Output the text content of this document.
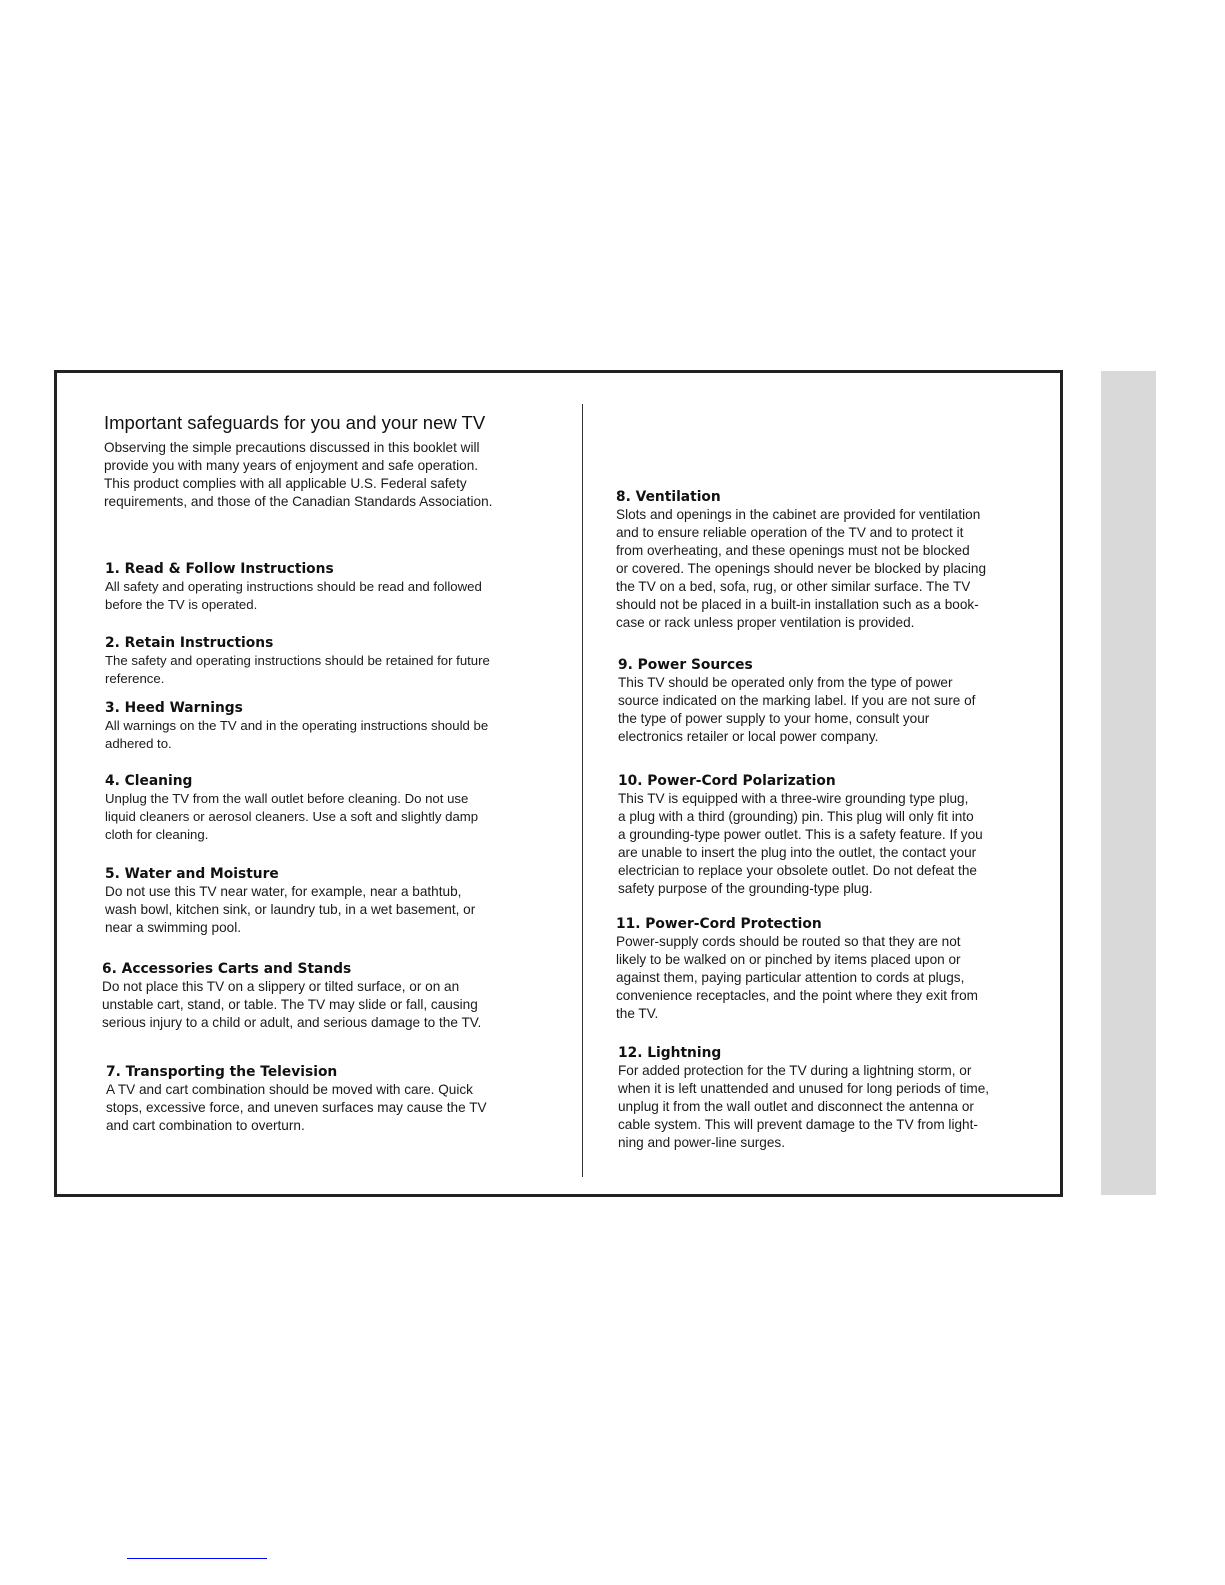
Important safeguards for you and your new TV

Observing the simple precautions discussed in this booklet will

provide you with many years of enjoyment and safe operation.

This product complies with all applicable U.S. Federal safety

requirements, and those of the Canadian Standards Association.

1. Read & Follow Instructions

All safety and operating instructions should be read and followed

before the TV is operated.

2. Retain Instructions

The safety and operating instructions should be retained for future

reference.

3. Heed Warnings

All warnings on the TV and in the operating instructions should be

adhered to.

4. Cleaning

Unplug the TV from the wall outlet before cleaning. Do not use

liquid cleaners or aerosol cleaners. Use a soft and slightly damp

cloth for cleaning.

5. Water and Moisture

Do not use this TV near water, for example, near a bathtub,

wash bowl, kitchen sink, or laundry tub, in a wet basement, or

near a swimming pool.

6. Accessories Carts and Stands

Do not place this TV on a slippery or tilted surface, or on an

unstable cart, stand, or table. The TV may slide or fall, causing

serious injury to a child or adult, and serious damage to the TV.

7. Transporting the Television

A TV and cart combination should be moved with care. Quick

stops, excessive force, and uneven surfaces may cause the TV

and cart combination to overturn.

8. Ventilation

Slots and openings in the cabinet are provided for ventilation

and to ensure reliable operation of the TV and to protect it

from overheating, and these openings must not be blocked

or covered. The openings should never be blocked by placing

the TV on a bed, sofa, rug, or other similar surface. The TV

should not be placed in a built-in installation such as a book-

case or rack unless proper ventilation is provided.

9. Power Sources

This TV should be operated only from the type of power

source indicated on the marking label. If you are not sure of

the type of power supply to your home, consult your

electronics retailer or local power company.

10. Power-Cord Polarization

This TV is equipped with a three-wire grounding type plug,

a plug with a third (grounding) pin. This plug will only fit into

a grounding-type power outlet. This is a safety feature. If you

are unable to insert the plug into the outlet, the contact your

electrician to replace your obsolete outlet. Do not defeat the

safety purpose of the grounding-type plug.

11. Power-Cord Protection

Power-supply cords should be routed so that they are not

likely to be walked on or pinched by items placed upon or

against them, paying particular attention to cords at plugs,

convenience receptacles, and the point where they exit from

the TV.

12. Lightning

For added protection for the TV during a lightning storm, or

when it is left unattended and unused for long periods of time,

unplug it from the wall outlet and disconnect the antenna or

cable system. This will prevent damage to the TV from light-

ning and power-line surges.
